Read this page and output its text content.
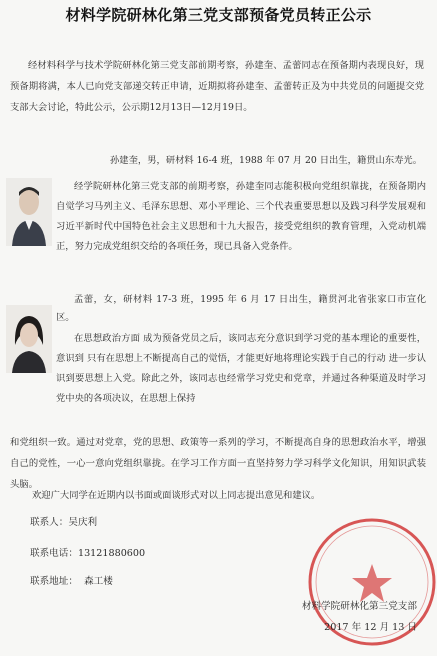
材料学院研林化第三党支部预备党员转正公示

经材料科学与技术学院研林化第三党支部前期考察，孙建奎、孟蕾同志在预备期内表现良好，现预备期将满，本人已向党支部递交转正申请，近期拟将孙建奎、孟蕾转正及为中共党员的问题提交党支部大会讨论，特此公示，公示期12月13日—12月19日。

孙建奎，男，研材料 16-4 班，1988 年 07 月 20 日出生，籍贯山东寿光。

经学院研林化第三党支部的前期考察，孙建奎同志能积极向党组织靠拢，在预备期内自觉学习马列主义、毛泽东思想、邓小平理论、三个代表重要思想以及践习科学发展观和习近平新时代中国特色社会主义思想和十九大报告，接受党组织的教育管理，入党动机端正，努力完成党组织交给的各项任务，现已具备入党条件。

孟蕾，女，研材料 17-3 班，1995 年 6 月 17 日出生，籍贯河北省张家口市宣化区。

在思想政治方面 成为预备党员之后，该同志充分意识到学习党的基本理论的重要性，意识到 只有在思想上不断提高自己的觉悟，才能更好地将理论实践于自己的行动 进一步认识到要思想上入党。除此之外，该同志也经常学习党史和党章，并通过各种渠道及时学习党中央的各项决议，在思想上保持

和党组织一致。通过对党章，党的思想、政策等一系列的学习，不断提高自身的思想政治水平，增强自己的党性，一心一意向党组织靠拢。在学习工作方面一直坚持努力学习科学文化知识，用知识武装头脑。

欢迎广大同学在近期内以书面或面谈形式对以上同志提出意见和建议。

联系人：吴庆利
联系电话：13121880600
联系地址： 森工楼
材料学院研林化第三党支部
2017 年 12 月 13 日
